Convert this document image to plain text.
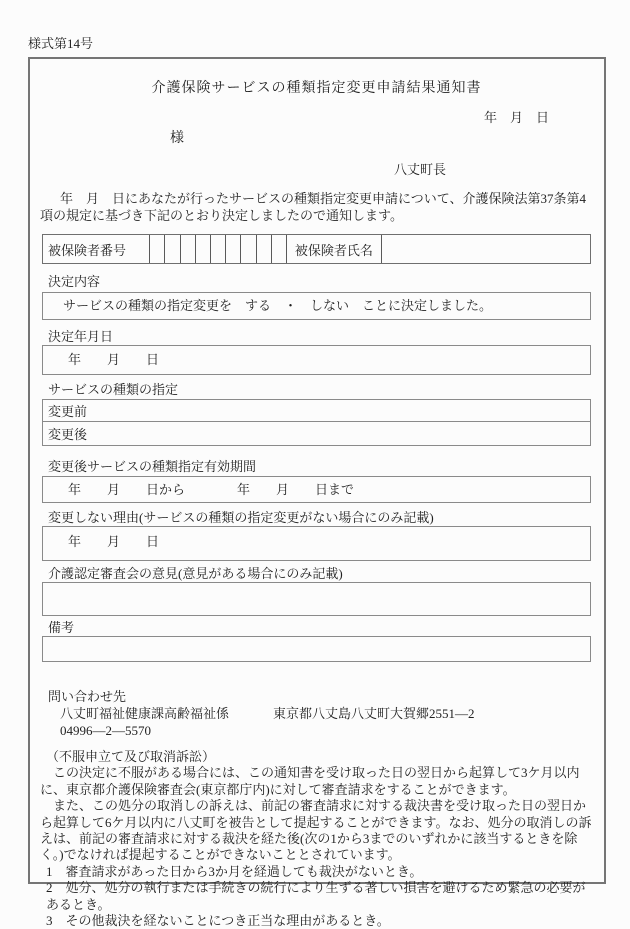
様式第14号
介護保険サービスの種類指定変更申請結果通知書
年　月　日
様
八丈町長
年　月　日にあなたが行ったサービスの種類指定変更申請について、介護保険法第37条第4項の規定に基づき下記のとおり決定しましたので通知します。
被保険者番号	被保険者氏名
決定内容
サービスの種類の指定変更を　する　・　しない　ことに決定しました。
決定年月日
年　　月　　日
サービスの種類の指定
変更前
変更後
変更後サービスの種類指定有効期間
年　　月　　日から　　　　年　　月　　日まで
変更しない理由(サービスの種類の指定変更がない場合にのみ記載)
年　　月　　日
介護認定審査会の意見(意見がある場合にのみ記載)
備考
問い合わせ先
八丈町福祉健康課高齢福祉係	東京都八丈島八丈町大賀郷2551—204996—2—5570
（不服申立て及び取消訴訟）

この決定に不服がある場合には、この通知書を受け取った日の翌日から起算して3ケ月以内に、東京都介護保険審査会(東京都庁内)に対して審査請求をすることができます。

また、この処分の取消しの訴えは、前記の審査請求に対する裁決書を受け取った日の翌日から起算して6ケ月以内に八丈町を被告として提起することができます。なお、処分の取消しの訴えは、前記の審査請求に対する裁決を経た後(次の1から3までのいずれかに該当するときを除く。)でなければ提起することができないこととされています。

1　審査請求があった日から3か月を経過しても裁決がないとき。
2　処分、処分の執行または手続きの続行により生ずる著しい損害を避けるため緊急の必要があるとき。
3　その他裁決を経ないことにつき正当な理由があるとき。
